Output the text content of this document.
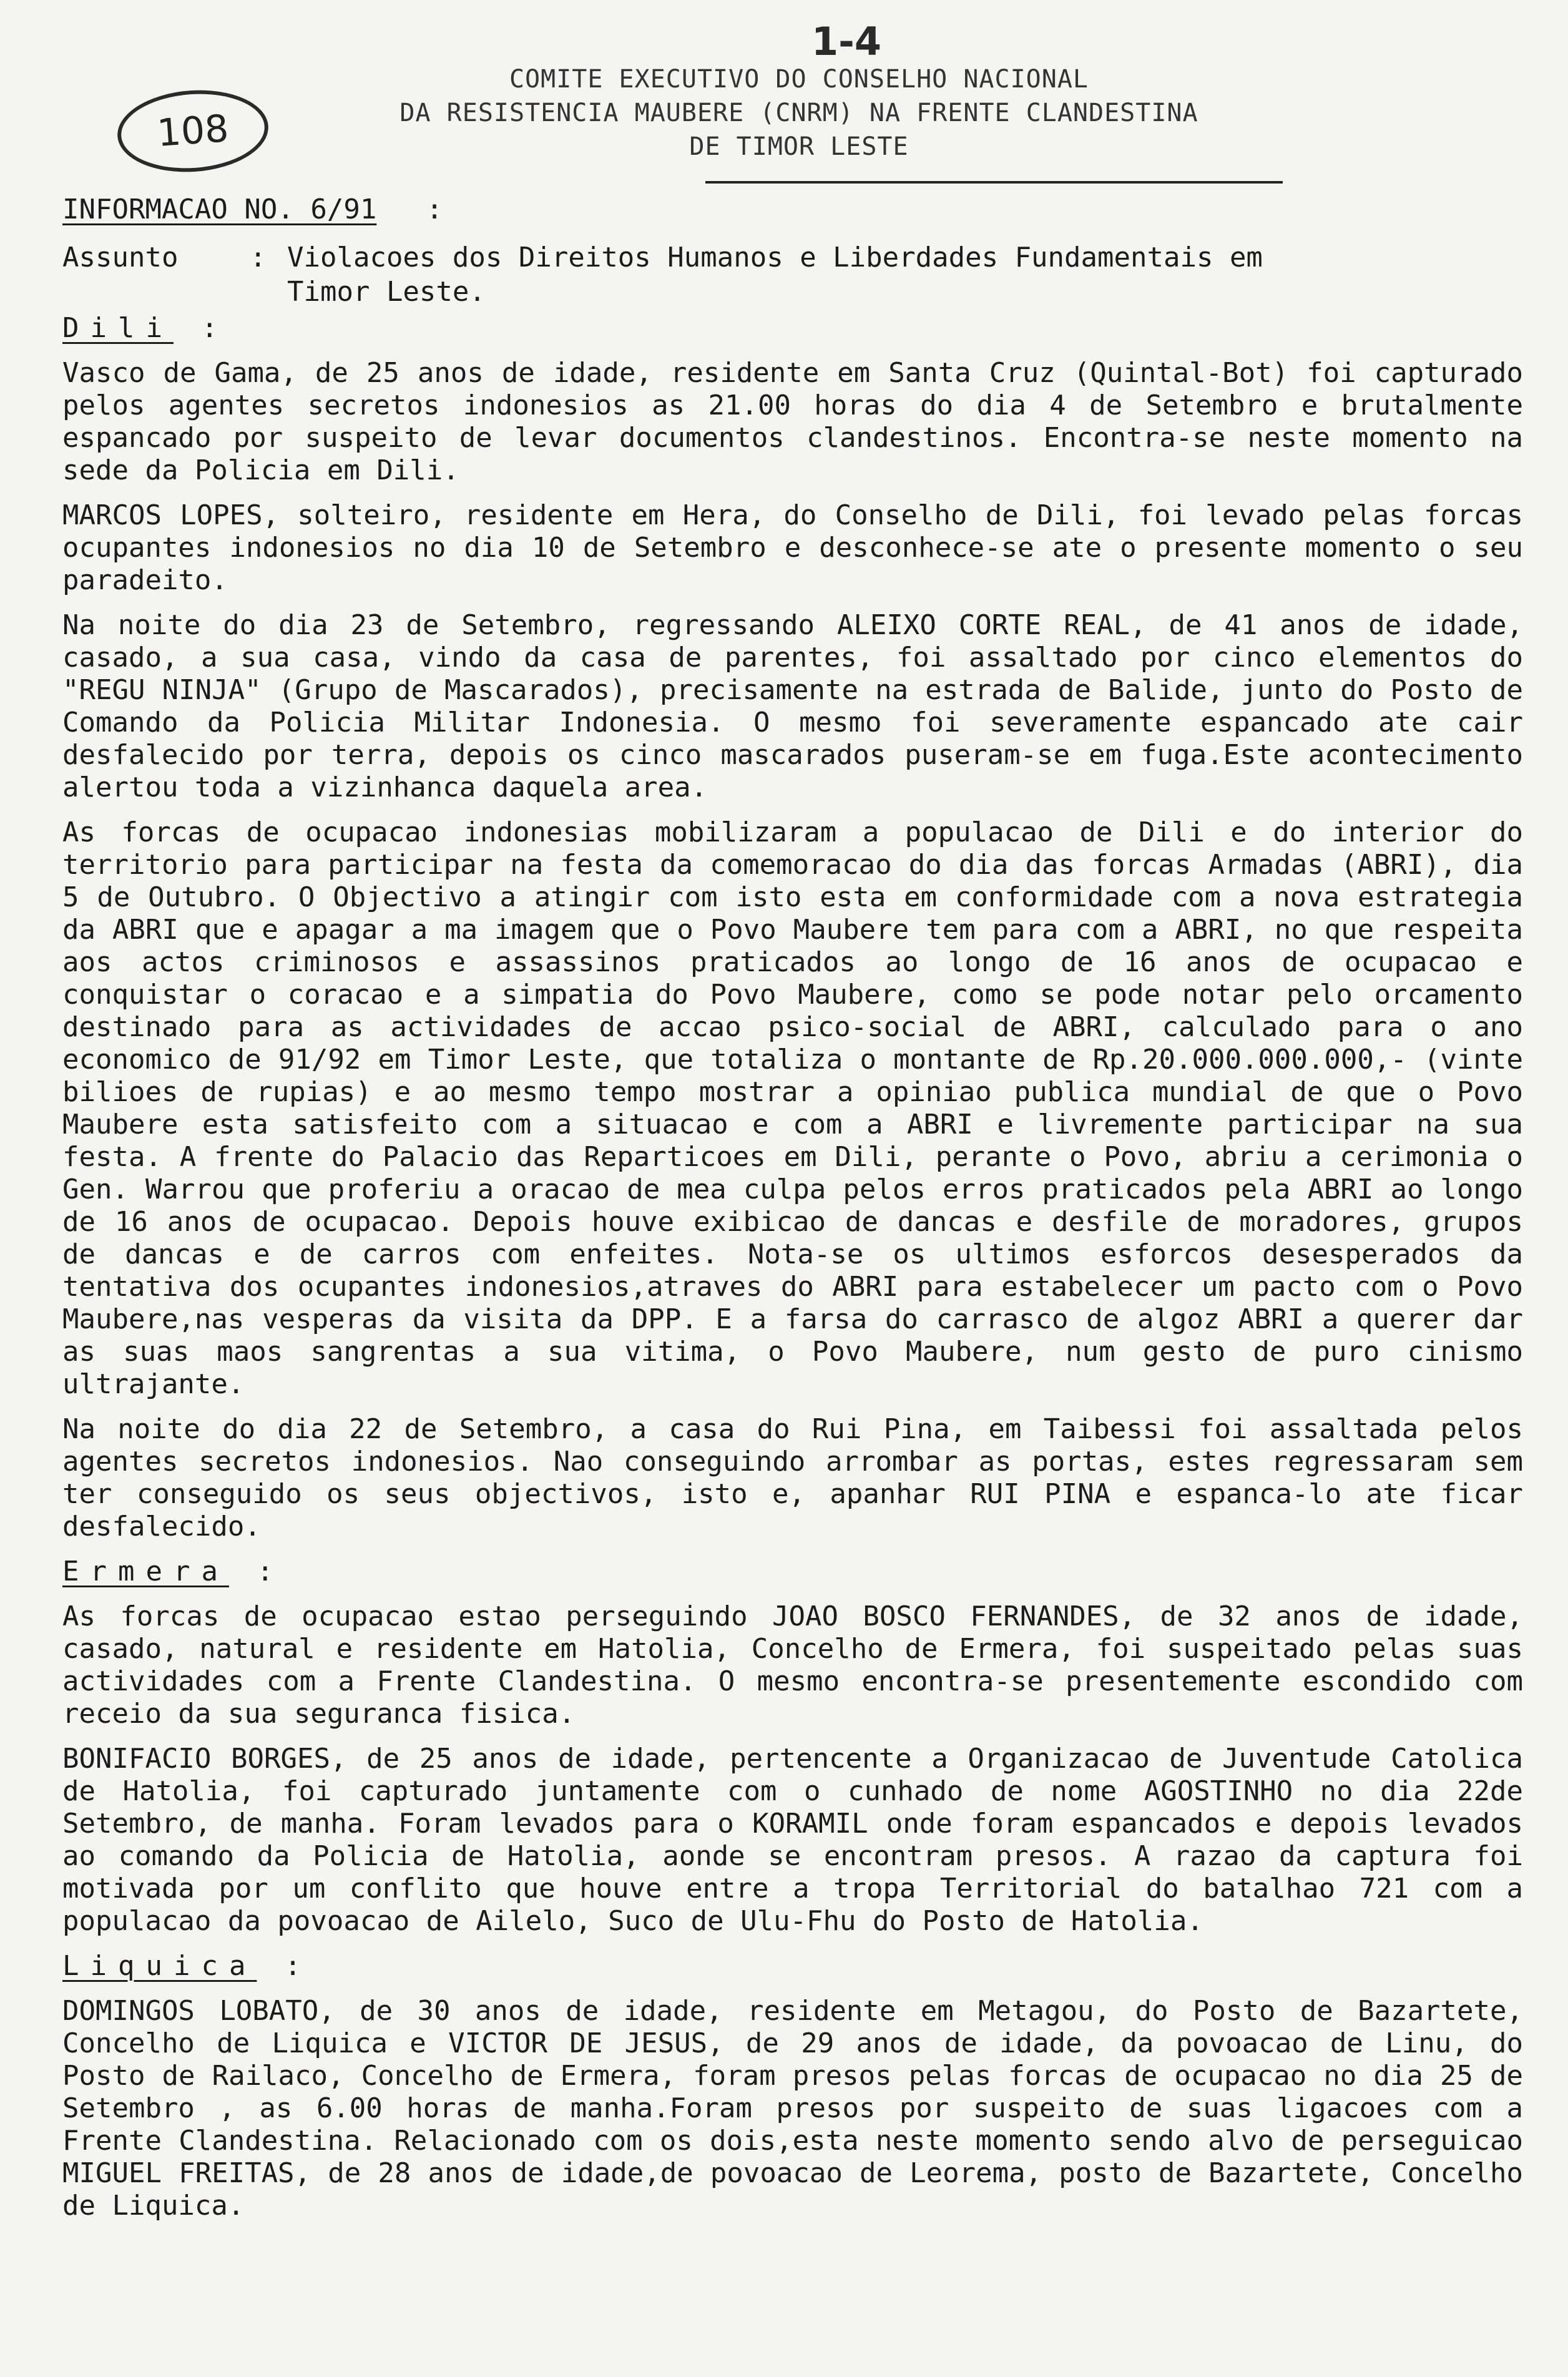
1-4
108
COMITE EXECUTIVO DO CONSELHO NACIONAL
DA RESISTENCIA MAUBERE (CNRM) NA FRENTE CLANDESTINA
DE TIMOR LESTE
INFORMACAO NO. 6/91 :
Assunto	: Violacoes dos Direitos Humanos e Liberdades Fundamentais em Timor Leste.
Dili :

Vasco de Gama, de 25 anos de idade, residente em Santa Cruz (Quintal-Bot) foi capturado pelos agentes secretos indonesios as 21.00 horas do dia 4 de Setembro e brutalmente espancado por suspeito de levar documentos clandestinos. Encontra-se neste momento na sede da Policia em Dili.

MARCOS LOPES, solteiro, residente em Hera, do Conselho de Dili, foi levado pelas forcas ocupantes indonesios no dia 10 de Setembro e desconhece-se ate o presente momento o seu paradeito.

Na noite do dia 23 de Setembro, regressando ALEIXO CORTE REAL, de 41 anos de idade, casado, a sua casa, vindo da casa de parentes, foi assaltado por cinco elementos do "REGU NINJA" (Grupo de Mascarados), precisamente na estrada de Balide, junto do Posto de Comando da Policia Militar Indonesia. O mesmo foi severamente espancado ate cair desfalecido por terra, depois os cinco mascarados puseram-se em fuga.Este acontecimento alertou toda a vizinhanca daquela area.

As forcas de ocupacao indonesias mobilizaram a populacao de Dili e do interior do territorio para participar na festa da comemoracao do dia das forcas Armadas (ABRI), dia 5 de Outubro. O Objectivo a atingir com isto esta em conformidade com a nova estrategia da ABRI que e apagar a ma imagem que o Povo Maubere tem para com a ABRI, no que respeita aos actos criminosos e assassinos praticados ao longo de 16 anos de ocupacao e conquistar o coracao e a simpatia do Povo Maubere, como se pode notar pelo orcamento destinado para as actividades de accao psico-social de ABRI, calculado para o ano economico de 91/92 em Timor Leste, que totaliza o montante de Rp.20.000.000.000,- (vinte bilioes de rupias) e ao mesmo tempo mostrar a opiniao publica mundial de que o Povo Maubere esta satisfeito com a situacao e com a ABRI e livremente participar na sua festa. A frente do Palacio das Reparticoes em Dili, perante o Povo, abriu a cerimonia o Gen. Warrou que proferiu a oracao de mea culpa pelos erros praticados pela ABRI ao longo de 16 anos de ocupacao. Depois houve exibicao de dancas e desfile de moradores, grupos de dancas e de carros com enfeites. Nota-se os ultimos esforcos desesperados da tentativa dos ocupantes indonesios,atraves do ABRI para estabelecer um pacto com o Povo Maubere,nas vesperas da visita da DPP. E a farsa do carrasco de algoz ABRI a querer dar as suas maos sangrentas a sua vitima, o Povo Maubere, num gesto de puro cinismo ultrajante.

Na noite do dia 22 de Setembro, a casa do Rui Pina, em Taibessi foi assaltada pelos agentes secretos indonesios. Nao conseguindo arrombar as portas, estes regressaram sem ter conseguido os seus objectivos, isto e, apanhar RUI PINA e espanca-lo ate ficar desfalecido.

Ermera :

As forcas de ocupacao estao perseguindo JOAO BOSCO FERNANDES, de 32 anos de idade, casado, natural e residente em Hatolia, Concelho de Ermera, foi suspeitado pelas suas actividades com a Frente Clandestina. O mesmo encontra-se presentemente escondido com receio da sua seguranca fisica.

BONIFACIO BORGES, de 25 anos de idade, pertencente a Organizacao de Juventude Catolica de Hatolia, foi capturado juntamente com o cunhado de nome AGOSTINHO no dia 22de Setembro, de manha. Foram levados para o KORAMIL onde foram espancados e depois levados ao comando da Policia de Hatolia, aonde se encontram presos. A razao da captura foi motivada por um conflito que houve entre a tropa Territorial do batalhao 721 com a populacao da povoacao de Ailelo, Suco de Ulu-Fhu do Posto de Hatolia.

Liquica :

DOMINGOS LOBATO, de 30 anos de idade, residente em Metagou, do Posto de Bazartete, Concelho de Liquica e VICTOR DE JESUS, de 29 anos de idade, da povoacao de Linu, do Posto de Railaco, Concelho de Ermera, foram presos pelas forcas de ocupacao no dia 25 de Setembro , as 6.00 horas de manha.Foram presos por suspeito de suas ligacoes com a Frente Clandestina. Relacionado com os dois,esta neste momento sendo alvo de perseguicao MIGUEL FREITAS, de 28 anos de idade,de povoacao de Leorema, posto de Bazartete, Concelho de Liquica.
